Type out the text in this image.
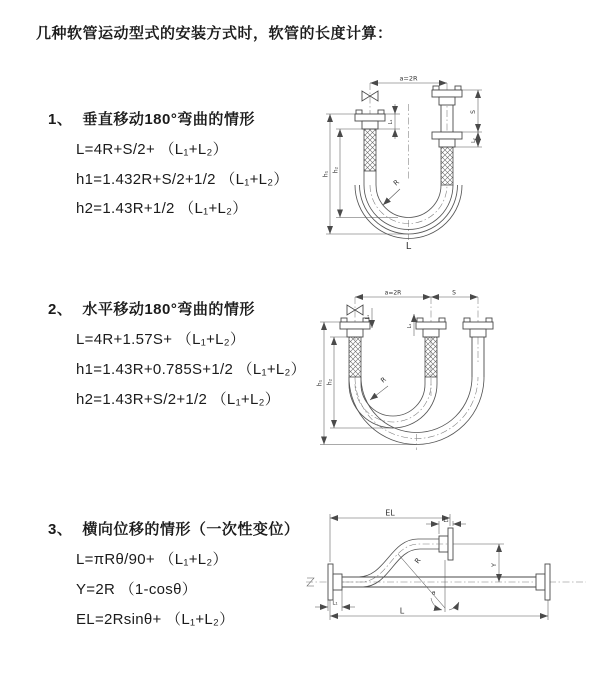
几种软管运动型式的安装方式时，软管的长度计算：
1、 垂直移动180°弯曲的情形
L=4R+S/2+ （L₁+L₂）
h1=1.432R+S/2+1/2 （L₁+L₂）
h2=1.43R+1/2 （L₁+L₂）
2、 水平移动180°弯曲的情形
L=4R+1.57S+ （L₁+L₂）
h1=1.43R+0.785S+1/2 （L₁+L₂）
h2=1.43R+S/2+1/2 （L₁+L₂）
3、 横向位移的情形（一次性变位）
L=πRθ/90+ （L₁+L₂）
Y=2R （1-cosθ）
EL=2Rsinθ+ （L₁+L₂）
a=2R
R
h₁
h₂
L₁
S
L₂
L
a=2R	S
R
h₁ h₂
L₁
L₂
θ
R
EL
L₂
Y
L
L₁
